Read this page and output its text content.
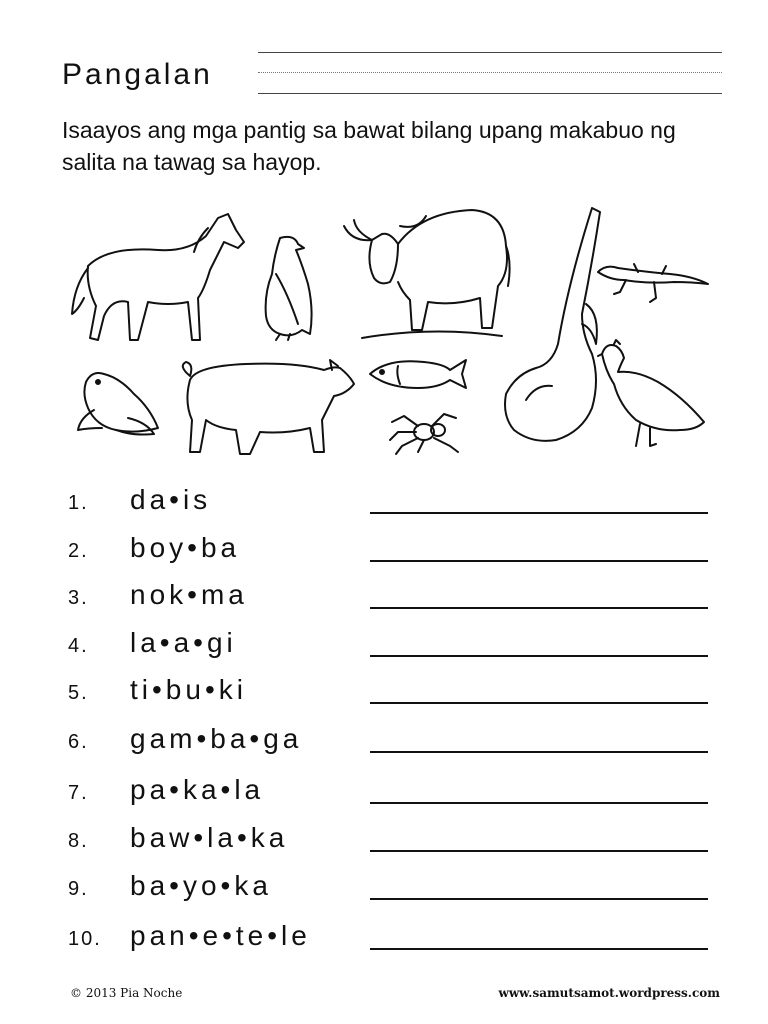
Pangalan
Isaayos ang mga pantig sa bawat bilang upang makabuo ng salita na tawag sa hayop.
1. da•is
2. boy•ba
3. nok•ma
4. la•a•gi
5. ti•bu•ki
6. gam•ba•ga
7. pa•ka•la
8. baw•la•ka
9. ba•yo•ka
10. pan•e•te•le
© 2013 Pia Noche	www.samutsamot.wordpress.com
